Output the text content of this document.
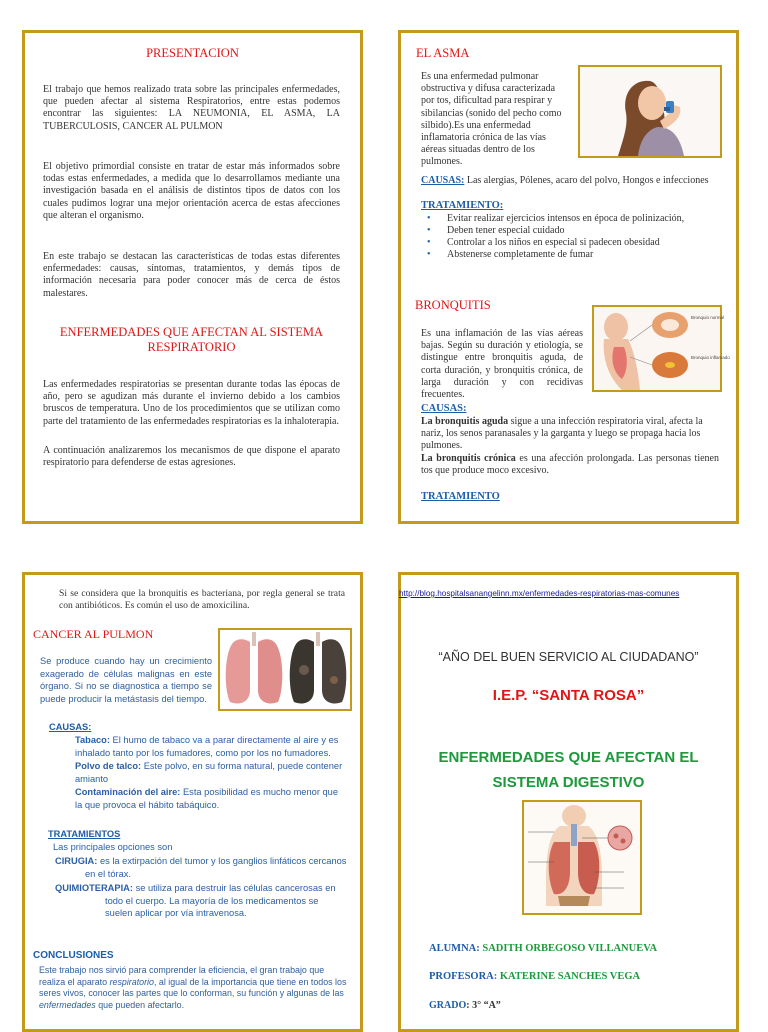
PRESENTACION
El trabajo que hemos realizado trata sobre las principales enfermedades, que pueden afectar al sistema Respiratorios, entre estas podemos encontrar las siguientes: LA NEUMONIA, EL ASMA, LA TUBERCULOSIS, CANCER AL PULMON
El objetivo primordial consiste en tratar de estar más informados sobre todas estas enfermedades, a medida que lo desarrollamos mediante una investigación basada en el análisis de distintos tipos de datos con los cuales pudimos lograr una mejor orientación acerca de estas afecciones que alteran el organismo.
En este trabajo se destacan las características de todas estas diferentes enfermedades: causas, síntomas, tratamientos, y demás tipos de información necesaria para poder conocer más de cerca de éstos malestares.
ENFERMEDADES QUE AFECTAN AL SISTEMA RESPIRATORIO
Las enfermedades respiratorias se presentan durante todas las épocas de año, pero se agudizan más durante el invierno debido a los cambios bruscos de temperatura. Uno de los procedimientos que se utilizan como parte del tratamiento de las enfermedades respiratorias es la inhaloterapia.
A continuación analizaremos los mecanismos de que dispone el aparato respiratorio para defenderse de estas agresiones.
EL ASMA
Es una enfermedad pulmonar obstructiva y difusa caracterizada por tos, dificultad para respirar y sibilancias (sonido del pecho como silbido).Es una enfermedad inflamatoria crónica de las vías aéreas situadas dentro de los pulmones.
CAUSAS: Las alergias, Pólenes, acaro del polvo, Hongos e infecciones
TRATAMIENTO:
• Evitar realizar ejercicios intensos en época de polinización,
• Deben tener especial cuidado
• Controlar a los niños en especial si padecen obesidad
• Abstenerse completamente de fumar
BRONQUITIS
Es una inflamación de las vías aéreas bajas. Según su duración y etiología, se distingue entre bronquitis aguda, de corta duración, y bronquitis crónica, de larga duración y con recidivas frecuentes.
Bronquio normal
Bronquio inflamado
CAUSAS:
La bronquitis aguda sigue a una infección respiratoria viral, afecta la nariz, los senos paranasales y la garganta y luego se propaga hacia los pulmones.
La bronquitis crónica es una afección prolongada. Las personas tienen tos que produce moco excesivo.
TRATAMIENTO
Si se considera que la bronquitis es bacteriana, por regla general se trata con antibióticos. Es común el uso de amoxicilina.
CANCER AL PULMON
Se produce cuando hay un crecimiento exagerado de células malignas en este órgano. Si no se diagnostica a tiempo se puede producir la metástasis del tiempo.
CAUSAS:
Tabaco: El humo de tabaco va a parar directamente al aire y es inhalado tanto por los fumadores, como por los no fumadores.
Polvo de talco: Este polvo, en su forma natural, puede contener amianto
Contaminación del aire: Esta posibilidad es mucho menor que la que provoca el hábito tabáquico.
TRATAMIENTOS
Las principales opciones son
CIRUGIA: es la extirpación del tumor y los ganglios linfáticos cercanos en el tórax.
QUIMIOTERAPIA: se utiliza para destruir las células cancerosas en todo el cuerpo. La mayoría de los medicamentos se suelen aplicar por vía intravenosa.
CONCLUSIONES
Este trabajo nos sirvió para comprender la eficiencia, el gran trabajo que realiza el aparato respiratorio, al igual de la importancia que tiene en todos los seres vivos, conocer las partes que lo conforman, su función y algunas de las enfermedades que pueden afectarlo.
http://blog.hospitalsanangelinn.mx/enfermedades-respiratorias-mas-comunes
“AÑO DEL BUEN SERVICIO AL CIUDADANO”
I.E.P. “SANTA ROSA”
ENFERMEDADES QUE AFECTAN EL SISTEMA DIGESTIVO
ALUMNA: SADITH ORBEGOSO VILLANUEVA
PROFESORA: KATERINE SANCHES VEGA
GRADO: 3° “A”
